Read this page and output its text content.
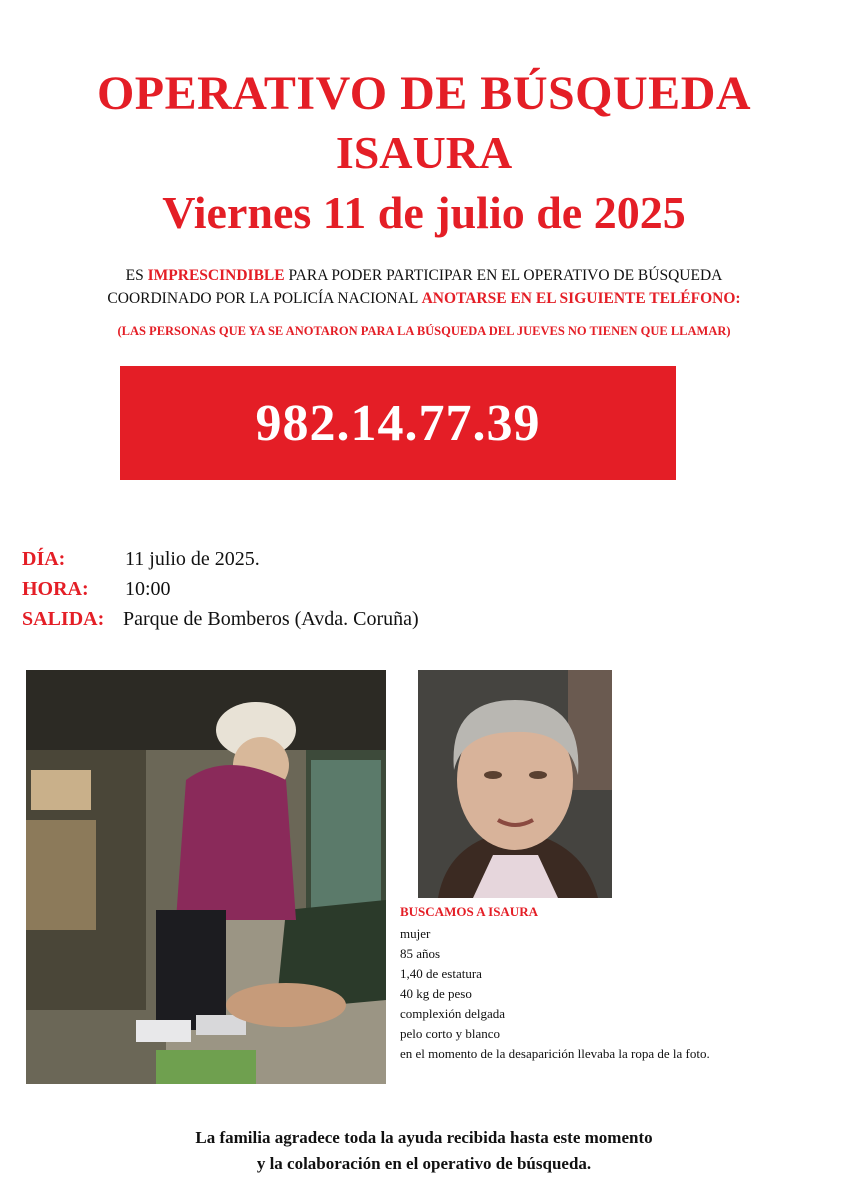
OPERATIVO DE BÚSQUEDA
ISAURA
Viernes 11 de julio de 2025
ES IMPRESCINDIBLE PARA PODER PARTICIPAR EN EL OPERATIVO DE BÚSQUEDA
COORDINADO POR LA POLICÍA NACIONAL ANOTARSE EN EL SIGUIENTE TELÉFONO:
(LAS PERSONAS QUE YA SE ANOTARON PARA LA BÚSQUEDA DEL JUEVES NO TIENEN QUE LLAMAR)
982.14.77.39
DÍA:	11 julio de 2025.
HORA: 10:00
SALIDA: Parque de Bomberos (Avda. Coruña)
BUSCAMOS A ISAURA
mujer
85 años
1,40 de estatura
40 kg de peso
complexión delgada
pelo corto y blanco
en el momento de la desaparición llevaba la ropa de la foto.
La familia agradece toda la ayuda recibida hasta este momento
y la colaboración en el operativo de búsqueda.
